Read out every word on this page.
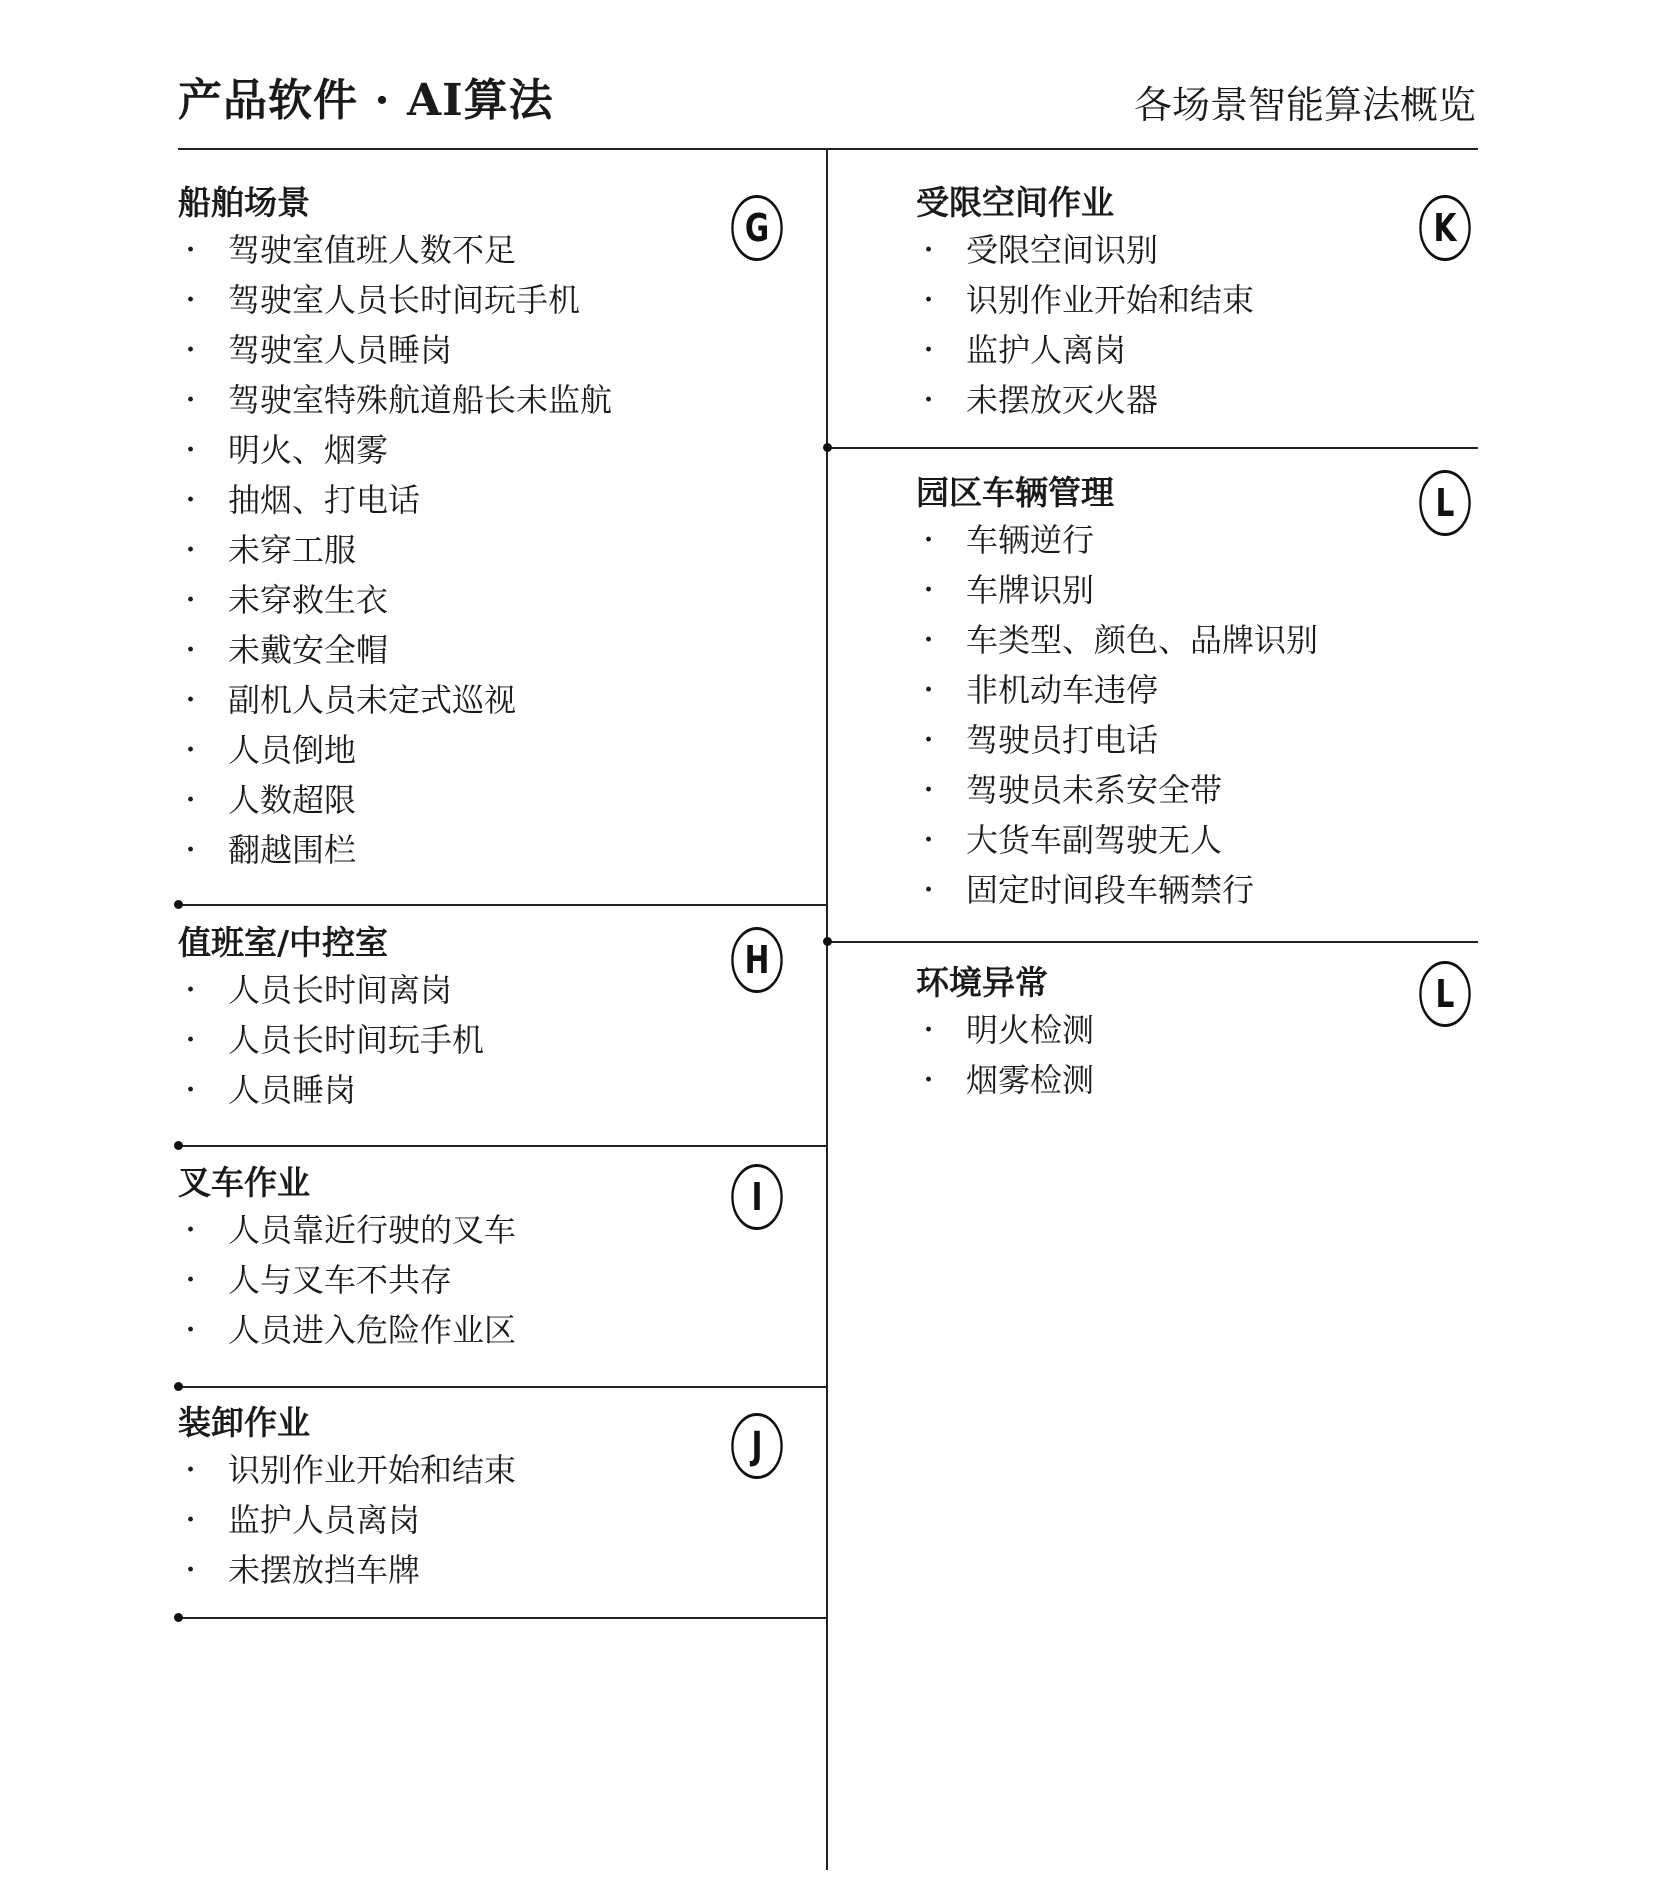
产品软件 · AI算法	各场景智能算法概览
船舶场景
G
· 驾驶室值班人数不足
· 驾驶室人员长时间玩手机
· 驾驶室人员睡岗
· 驾驶室特殊航道船长未监航
· 明火、烟雾
· 抽烟、打电话
· 未穿工服
· 未穿救生衣
· 未戴安全帽
· 副机人员未定式巡视
· 人员倒地
· 人数超限
· 翻越围栏
值班室/中控室	H
· 人员长时间离岗
· 人员长时间玩手机
· 人员睡岗
叉车作业	I
· 人员靠近行驶的叉车
· 人与叉车不共存
· 人员进入危险作业区
装卸作业
J
· 识别作业开始和结束
· 监护人员离岗
· 未摆放挡车牌
受限空间作业
K
· 受限空间识别
· 识别作业开始和结束
· 监护人离岗
· 未摆放灭火器
园区车辆管理	L
· 车辆逆行
· 车牌识别
· 车类型、颜色、品牌识别
· 非机动车违停
· 驾驶员打电话
· 驾驶员未系安全带
· 大货车副驾驶无人
· 固定时间段车辆禁行
环境异常	L
· 明火检测
· 烟雾检测
